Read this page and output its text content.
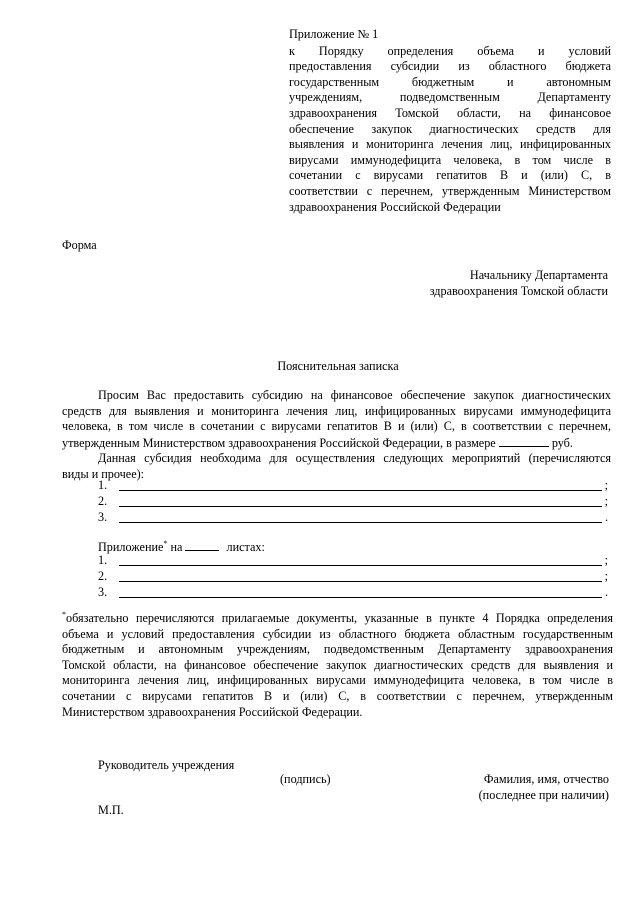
Приложение № 1
к Порядку определения объема и условий
предоставления субсидии из областного бюджета
государственным бюджетным и автономным
учреждениям, подведомственным Департаменту
здравоохранения Томской области, на финансовое
обеспечение закупок диагностических средств для
выявления и мониторинга лечения лиц, инфицированных
вирусами иммунодефицита человека, в том числе в
сочетании с вирусами гепатитов В и (или) С, в
соответствии с перечнем, утвержденным Министерством
здравоохранения Российской Федерации
Форма
Начальнику Департамента
здравоохранения Томской области
Пояснительная записка
Просим Вас предоставить субсидию на финансовое обеспечение закупок диагностических
средств для выявления и мониторинга лечения лиц, инфицированных вирусами иммунодефицита
человека, в том числе в сочетании с вирусами гепатитов В и (или) С, в соответствии с перечнем,
утвержденным Министерством здравоохранения Российской Федерации, в размере	руб.
Данная субсидия необходима для осуществления следующих мероприятий (перечисляются
виды и прочее):
1.	;
2.	;
3.	.
Приложение* на	листах:
1.	;
2.	;
3.	.
*обязательно перечисляются прилагаемые документы, указанные в пункте 4 Порядка определения
объема и условий предоставления субсидии из областного бюджета областным государственным
бюджетным и автономным учреждениям, подведомственным Департаменту здравоохранения
Томской области, на финансовое обеспечение закупок диагностических средств для выявления и
мониторинга лечения лиц, инфицированных вирусами иммунодефицита человека, в том числе в
сочетании с вирусами гепатитов В и (или) С, в соответствии с перечнем, утвержденным
Министерством здравоохранения Российской Федерации.
Руководитель учреждения
(подпись)	Фамилия, имя, отчество
(последнее при наличии)
М.П.
